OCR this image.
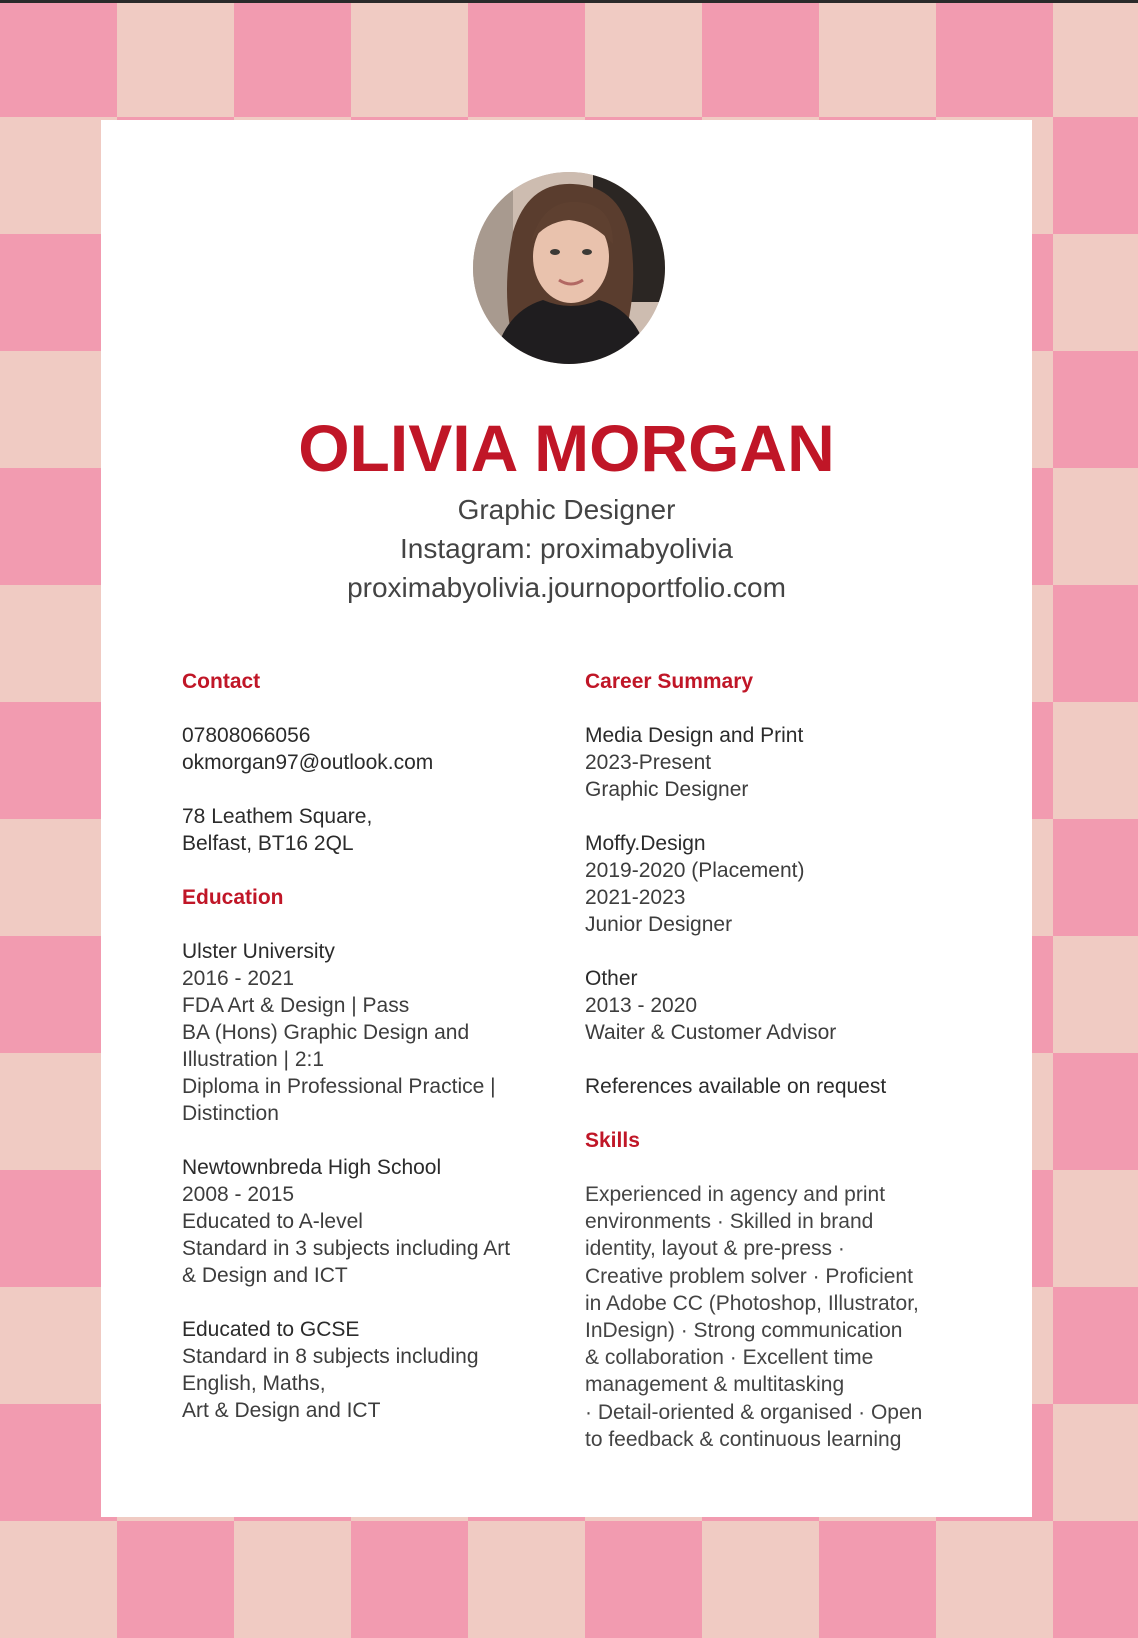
OLIVIA MORGAN
Graphic Designer
Instagram: proximabyolivia
proximabyolivia.journoportfolio.com

Contact

07808066056

okmorgan97@outlook.com

78 Leathem Square,

Belfast, BT16 2QL

Education

Ulster University

2016 - 2021

FDA Art & Design | Pass

BA (Hons) Graphic Design and

Illustration | 2:1

Diploma in Professional Practice |

Distinction

Newtownbreda High School

2008 - 2015

Educated to A-level

Standard in 3 subjects including Art

& Design and ICT

Educated to GCSE

Standard in 8 subjects including

English, Maths,

Art & Design and ICT

Career Summary

Media Design and Print

2023-Present

Graphic Designer

Moffy.Design

2019-2020 (Placement)

2021-2023

Junior Designer

Other

2013 - 2020

Waiter & Customer Advisor

References available on request

Skills

Experienced in agency and print

environments · Skilled in brand

identity, layout & pre-press ·

Creative problem solver · Proficient

in Adobe CC (Photoshop, Illustrator,

InDesign) · Strong communication

& collaboration · Excellent time

management & multitasking

· Detail-oriented & organised · Open

to feedback & continuous learning
